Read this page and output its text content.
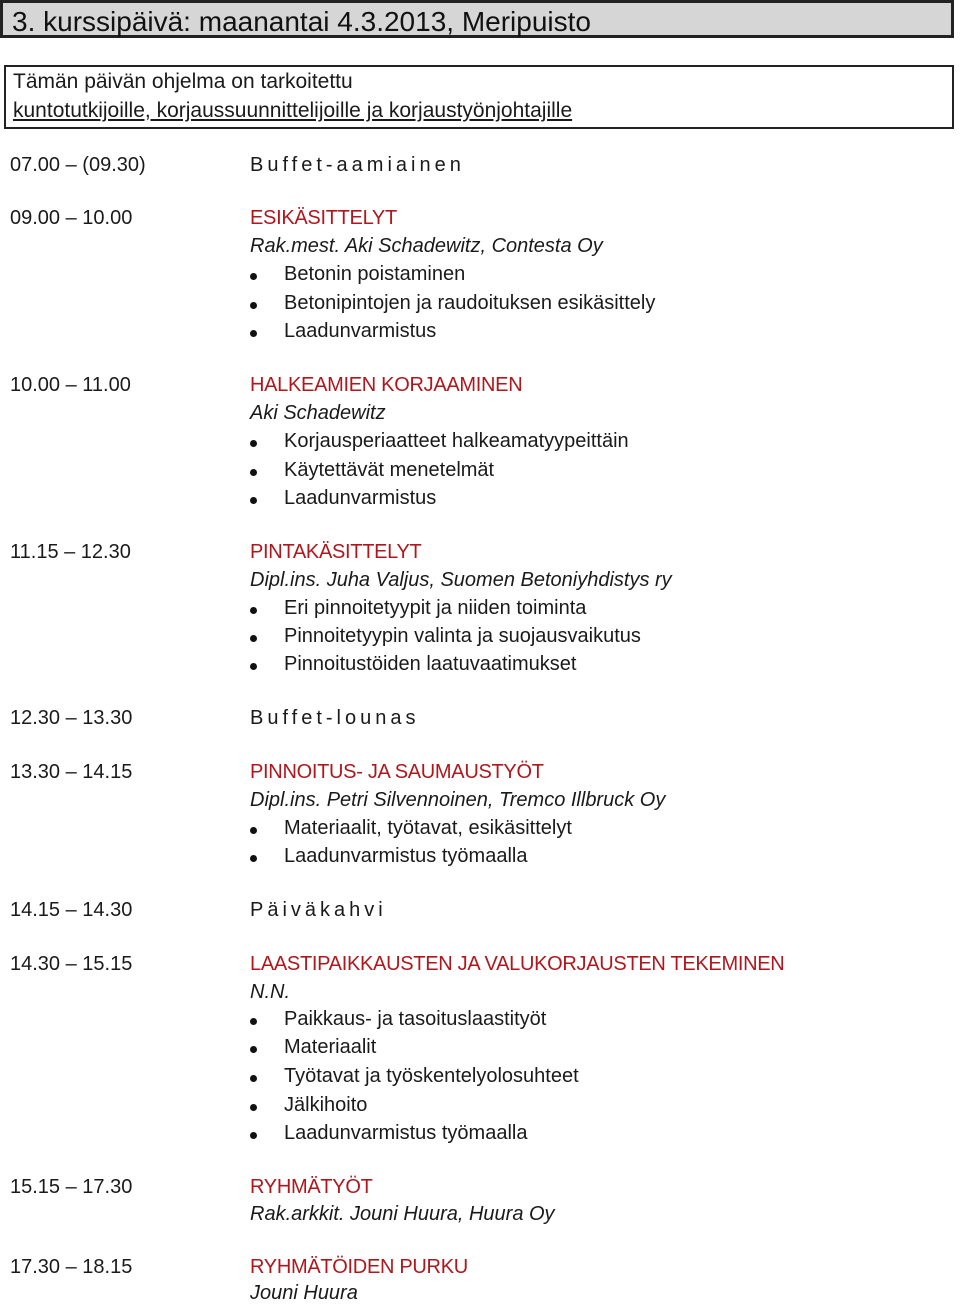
3. kurssipäivä: maanantai 4.3.2013, Meripuisto
Tämän päivän ohjelma on tarkoitettu
kuntotutkijoille, korjaussuunnittelijoille ja korjaustyönjohtajille
07.00 – (09.30)	Buffet-aamiainen
09.00 – 10.00	ESIKÄSITTELYT
Rak.mest. Aki Schadewitz, Contesta Oy
Betonin poistaminen
Betonipintojen ja raudoituksen esikäsittely
Laadunvarmistus
10.00 – 11.00	HALKEAMIEN KORJAAMINEN
Aki Schadewitz
Korjausperiaatteet halkeamatyypeittäin
Käytettävät menetelmät
Laadunvarmistus
11.15 – 12.30	PINTAKÄSITTELYT
Dipl.ins. Juha Valjus, Suomen Betoniyhdistys ry
Eri pinnoitetyypit ja niiden toiminta
Pinnoitetyypin valinta ja suojausvaikutus
Pinnoitustöiden laatuvaatimukset
12.30 – 13.30	Buffet-lounas
13.30 – 14.15	PINNOITUS- JA SAUMAUSTYÖT
Dipl.ins. Petri Silvennoinen, Tremco Illbruck Oy
Materiaalit, työtavat, esikäsittelyt
Laadunvarmistus työmaalla
14.15 – 14.30	Päiväkahvi
14.30 – 15.15	LAASTIPAIKKAUSTEN JA VALUKORJAUSTEN TEKEMINEN
N.N.
Paikkaus- ja tasoituslaastityöt
Materiaalit
Työtavat ja työskentelyolosuhteet
Jälkihoito
Laadunvarmistus työmaalla
15.15 – 17.30	RYHMÄTYÖT
Rak.arkkit. Jouni Huura, Huura Oy
17.30 – 18.15	RYHMÄTÖIDEN PURKU
Jouni Huura
